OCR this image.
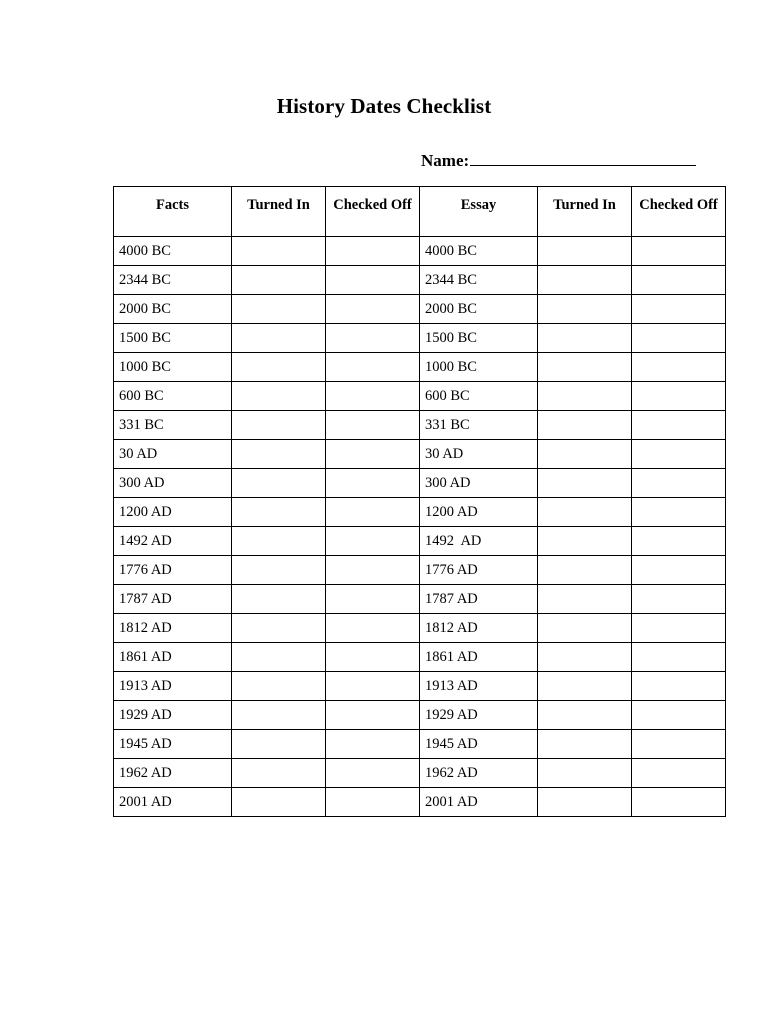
History Dates Checklist
Name:
Facts	Turned In	Checked Off	Essay	Turned In	Checked Off
4000 BC			4000 BC		
2344 BC			2344 BC		
2000 BC			2000 BC		
1500 BC			1500 BC		
1000 BC			1000 BC		
600 BC			600 BC		
331 BC			331 BC		
30 AD			30 AD		
300 AD			300 AD		
1200 AD			1200 AD		
1492 AD			1492  AD		
1776 AD			1776 AD		
1787 AD			1787 AD		
1812 AD			1812 AD		
1861 AD			1861 AD		
1913 AD			1913 AD		
1929 AD			1929 AD		
1945 AD			1945 AD		
1962 AD			1962 AD		
2001 AD			2001 AD		
